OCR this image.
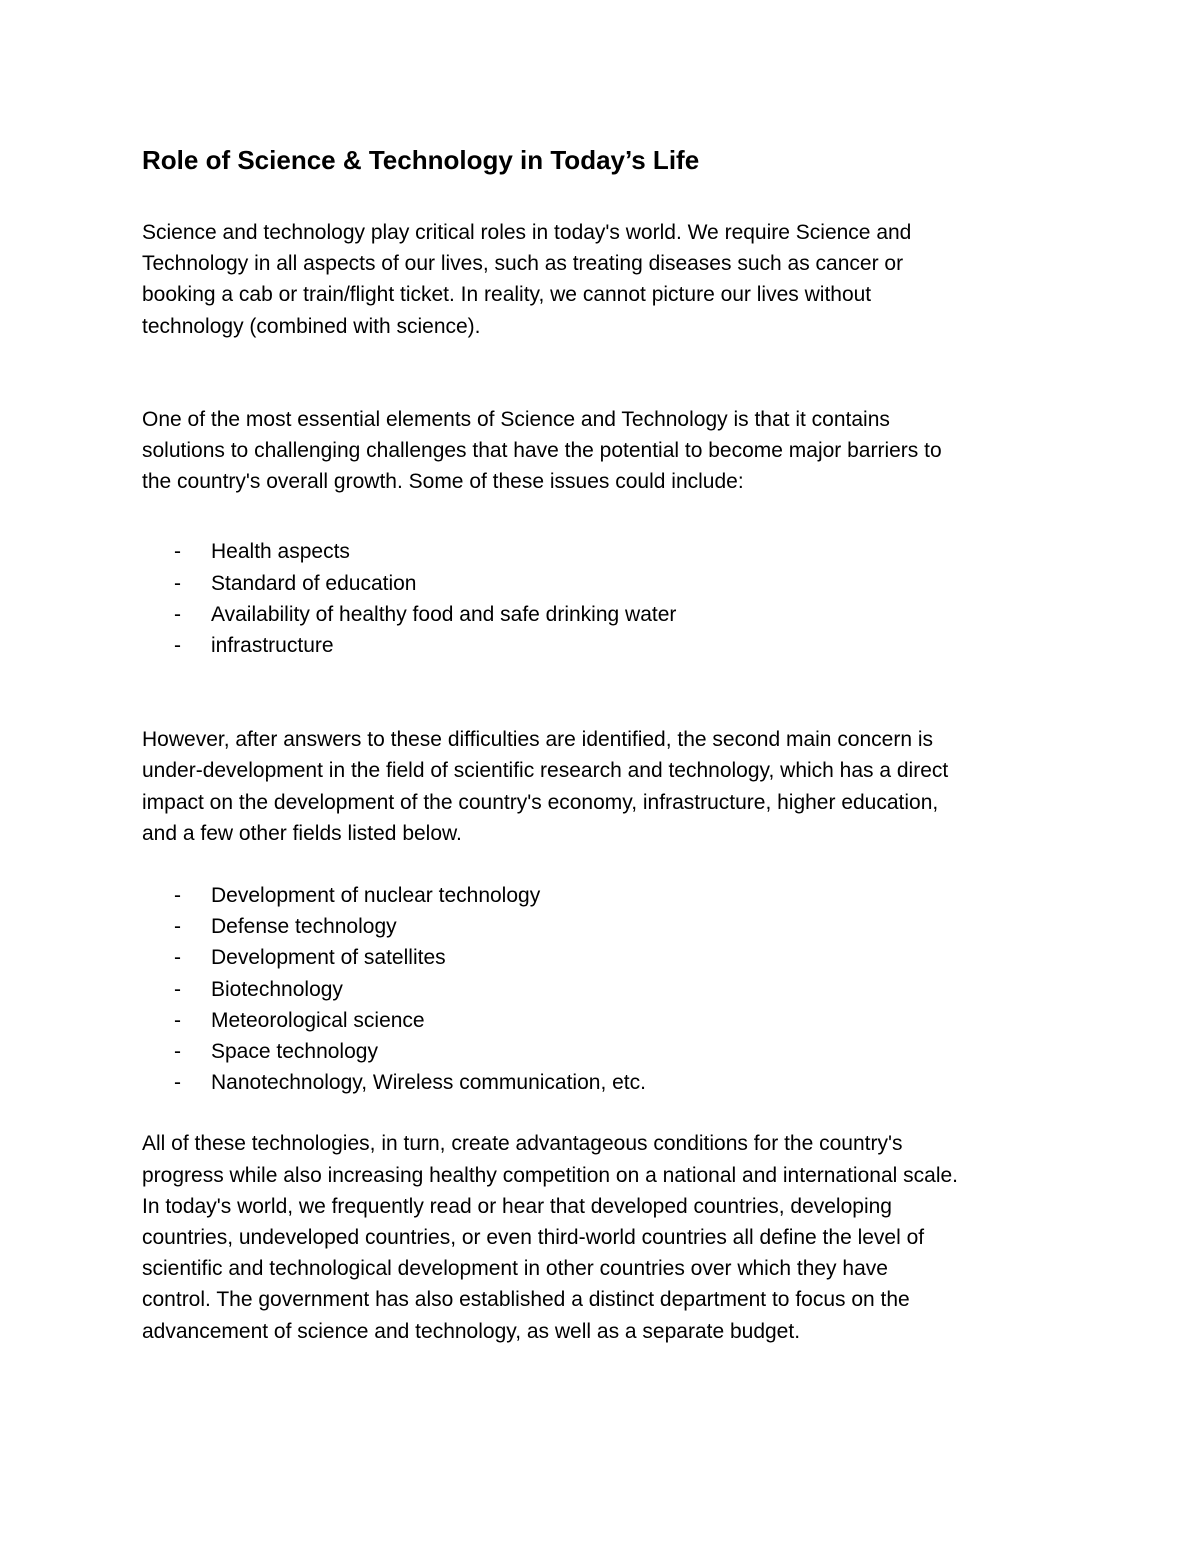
Role of Science & Technology in Today’s Life

Science and technology play critical roles in today's world. We require Science and
Technology in all aspects of our lives, such as treating diseases such as cancer or
booking a cab or train/flight ticket. In reality, we cannot picture our lives without
technology (combined with science).

One of the most essential elements of Science and Technology is that it contains
solutions to challenging challenges that have the potential to become major barriers to
the country's overall growth. Some of these issues could include:

- Health aspects
- Standard of education
- Availability of healthy food and safe drinking water
- infrastructure

However, after answers to these difficulties are identified, the second main concern is
under-development in the field of scientific research and technology, which has a direct
impact on the development of the country's economy, infrastructure, higher education,
and a few other fields listed below.

- Development of nuclear technology
- Defense technology
- Development of satellites
- Biotechnology
- Meteorological science
- Space technology
- Nanotechnology, Wireless communication, etc.

All of these technologies, in turn, create advantageous conditions for the country's
progress while also increasing healthy competition on a national and international scale.
In today's world, we frequently read or hear that developed countries, developing
countries, undeveloped countries, or even third-world countries all define the level of
scientific and technological development in other countries over which they have
control. The government has also established a distinct department to focus on the
advancement of science and technology, as well as a separate budget.
